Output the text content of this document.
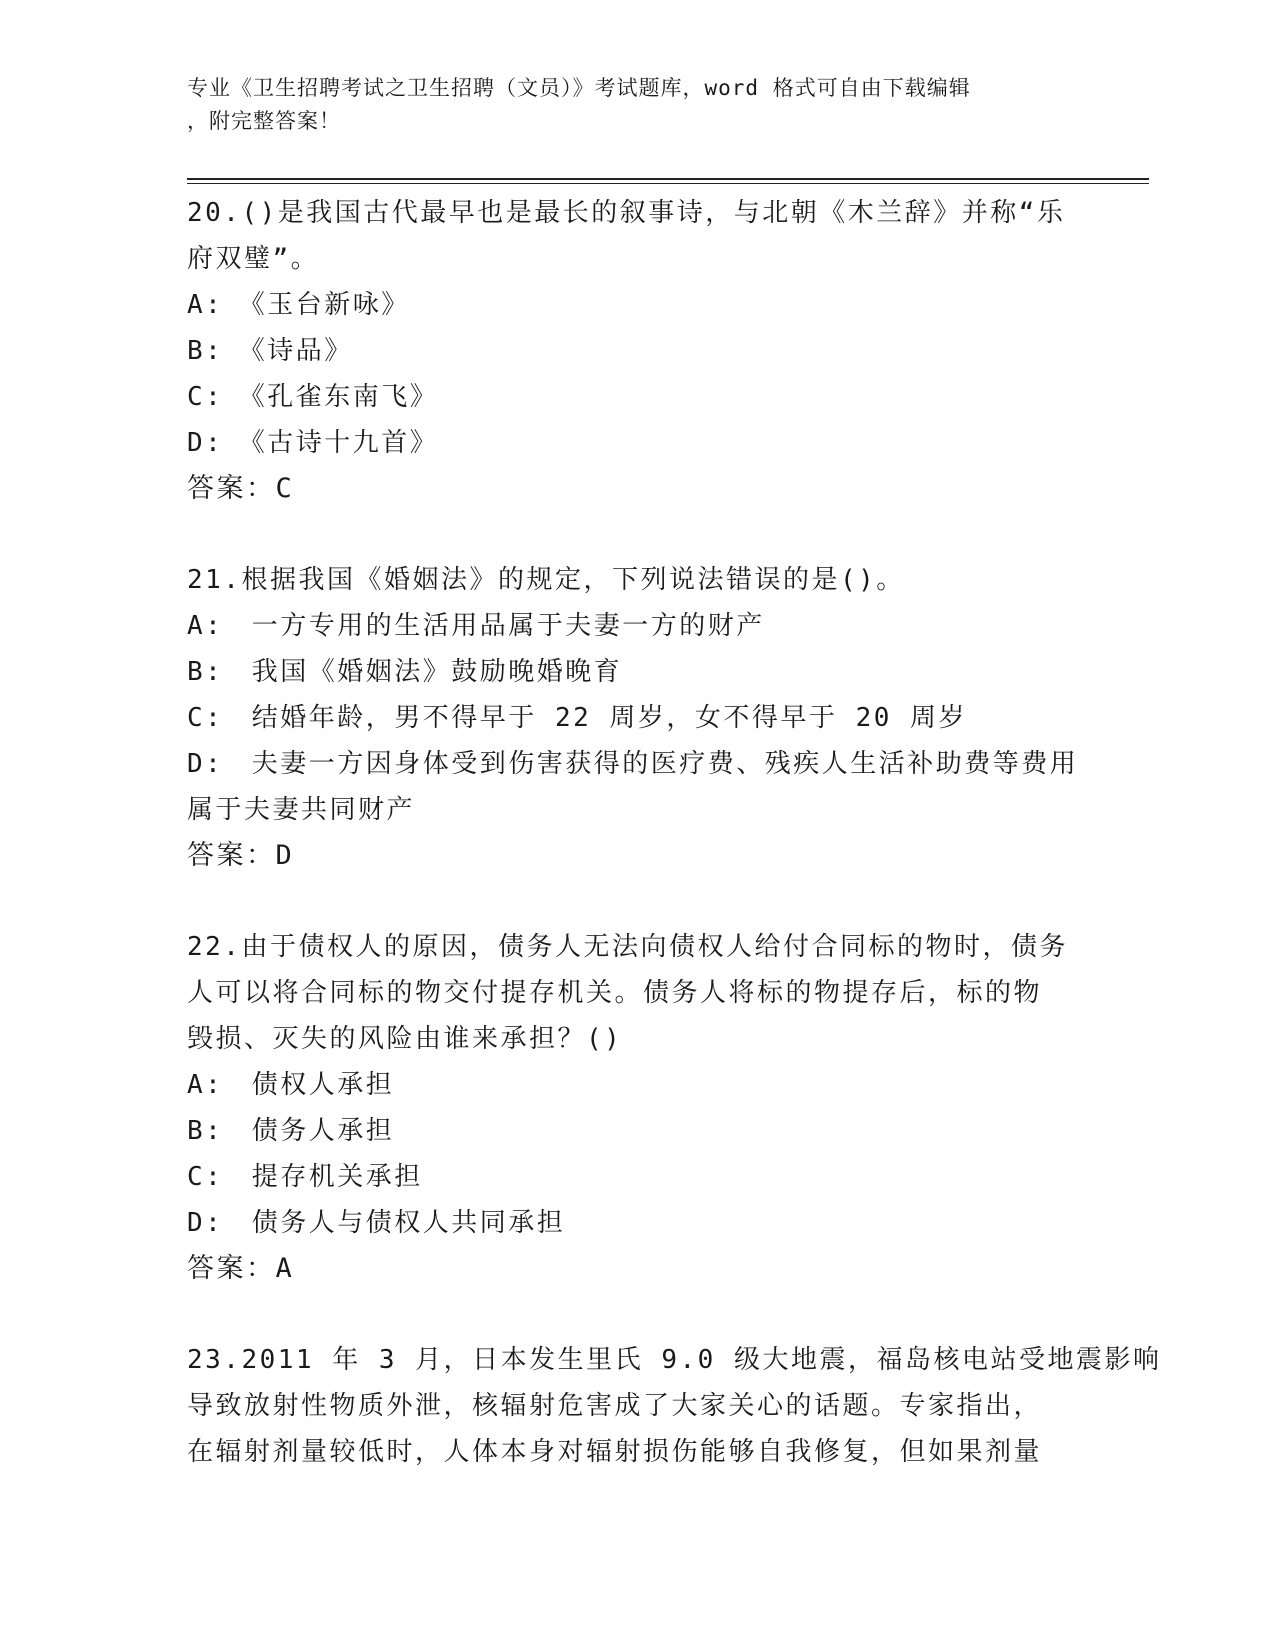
专业《卫生招聘考试之卫生招聘（文员）》考试题库，word 格式可自由下载编辑
，附完整答案！
20.()是我国古代最早也是最长的叙事诗，与北朝《木兰辞》并称“乐
府双璧”。
A:　《玉台新咏》
B:　《诗品》
C:　《孔雀东南飞》
D:　《古诗十九首》
答案：C
21.根据我国《婚姻法》的规定，下列说法错误的是()。
A:　一方专用的生活用品属于夫妻一方的财产
B:　我国《婚姻法》鼓励晚婚晚育
C:　结婚年龄，男不得早于 22 周岁，女不得早于 20 周岁
D:　夫妻一方因身体受到伤害获得的医疗费、残疾人生活补助费等费用
属于夫妻共同财产
答案：D
22.由于债权人的原因，债务人无法向债权人给付合同标的物时，债务
人可以将合同标的物交付提存机关。债务人将标的物提存后，标的物
毁损、灭失的风险由谁来承担？()
A:　债权人承担
B:　债务人承担
C:　提存机关承担
D:　债务人与债权人共同承担
答案：A
23.2011 年 3 月，日本发生里氏 9.0 级大地震，福岛核电站受地震影响
导致放射性物质外泄，核辐射危害成了大家关心的话题。专家指出，
在辐射剂量较低时，人体本身对辐射损伤能够自我修复，但如果剂量
